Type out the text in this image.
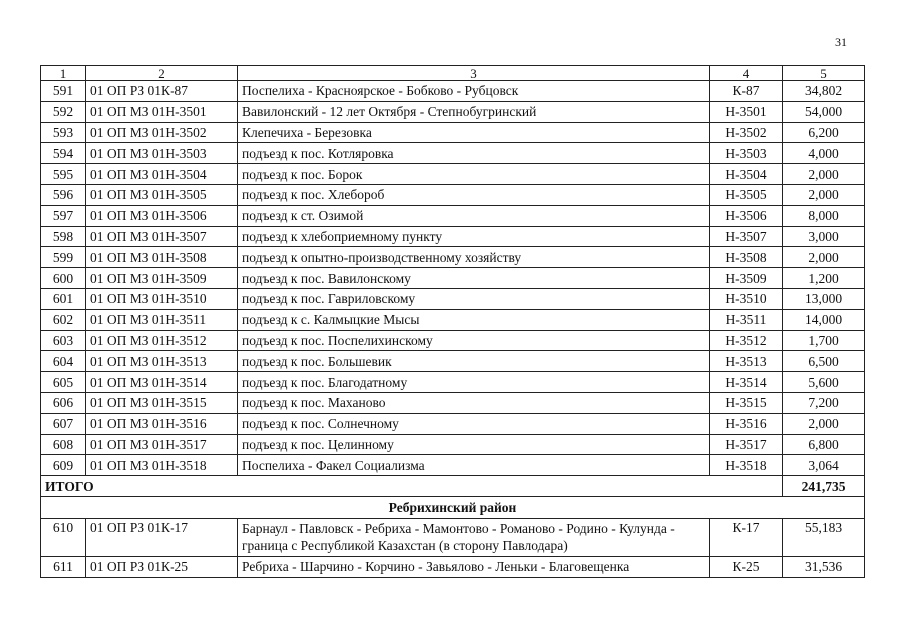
31
1	2	3	4	5
591	01 ОП РЗ 01К-87	Поспелиха - Красноярское - Бобково - Рубцовск	К-87	34,802
592	01 ОП МЗ 01Н-3501	Вавилонский - 12 лет Октября - Степнобугринский	Н-3501	54,000
593	01 ОП МЗ 01Н-3502	Клепечиха - Березовка	Н-3502	6,200
594	01 ОП МЗ 01Н-3503	подъезд к пос. Котляровка	Н-3503	4,000
595	01 ОП МЗ 01Н-3504	подъезд к пос. Борок	Н-3504	2,000
596	01 ОП МЗ 01Н-3505	подъезд к пос. Хлебороб	Н-3505	2,000
597	01 ОП МЗ 01Н-3506	подъезд к ст. Озимой	Н-3506	8,000
598	01 ОП МЗ 01Н-3507	подъезд к хлебоприемному пункту	Н-3507	3,000
599	01 ОП МЗ 01Н-3508	подъезд к опытно-производственному хозяйству	Н-3508	2,000
600	01 ОП МЗ 01Н-3509	подъезд к пос. Вавилонскому	Н-3509	1,200
601	01 ОП МЗ 01Н-3510	подъезд к пос. Гавриловскому	Н-3510	13,000
602	01 ОП МЗ 01Н-3511	подъезд к с. Калмыцкие Мысы	Н-3511	14,000
603	01 ОП МЗ 01Н-3512	подъезд к пос. Поспелихинскому	Н-3512	1,700
604	01 ОП МЗ 01Н-3513	подъезд к пос. Большевик	Н-3513	6,500
605	01 ОП МЗ 01Н-3514	подъезд к пос. Благодатному	Н-3514	5,600
606	01 ОП МЗ 01Н-3515	подъезд к пос. Маханово	Н-3515	7,200
607	01 ОП МЗ 01Н-3516	подъезд к пос. Солнечному	Н-3516	2,000
608	01 ОП МЗ 01Н-3517	подъезд к пос. Целинному	Н-3517	6,800
609	01 ОП МЗ 01Н-3518	Поспелиха - Факел Социализма	Н-3518	3,064
ИТОГО				241,735
Ребрихинский район				
610	01 ОП РЗ 01К-17	Барнаул - Павловск - Ребриха - Мамонтово - Романово - Родино - Кулунда - граница с Республикой Казахстан (в сторону Павлодара)	К-17	55,183
611	01 ОП РЗ 01К-25	Ребриха - Шарчино - Корчино - Завьялово - Леньки - Благовещенка	К-25	31,536
